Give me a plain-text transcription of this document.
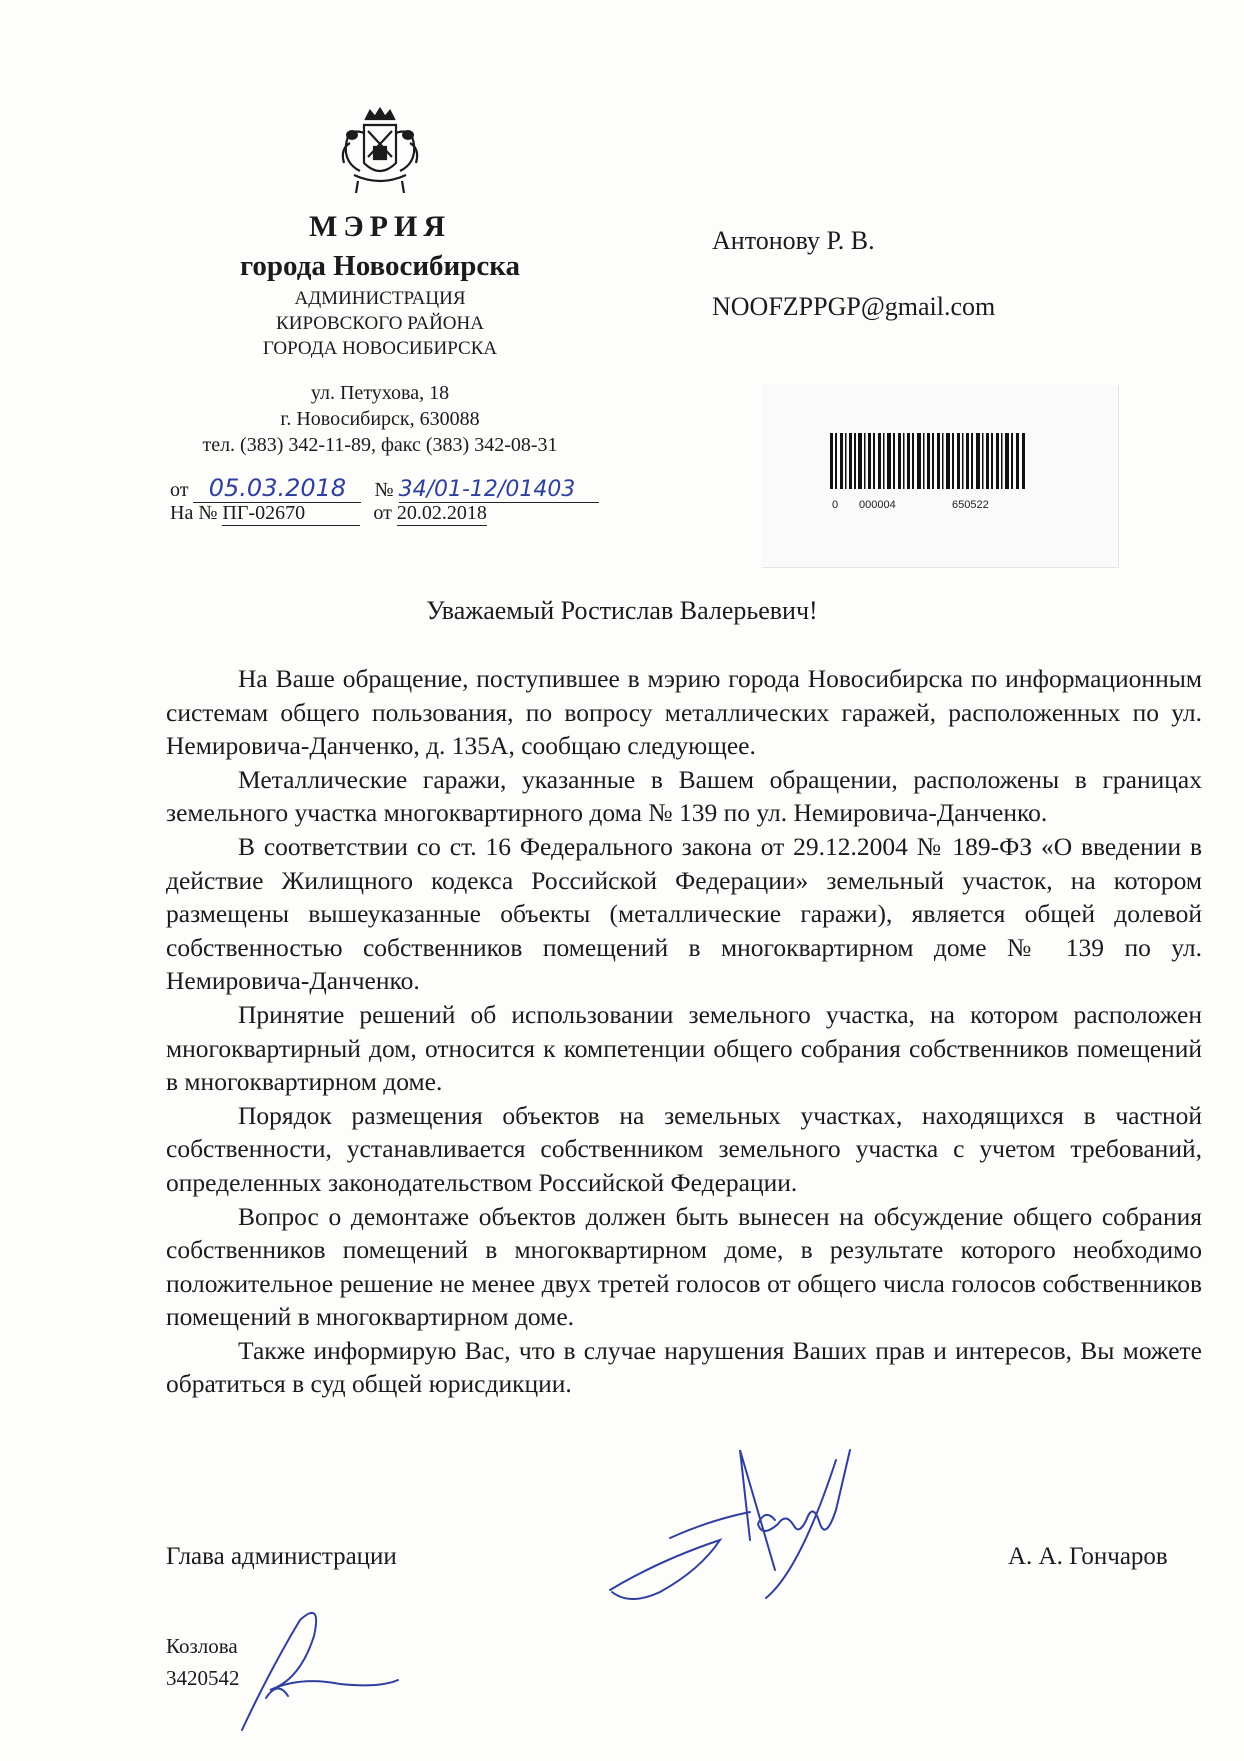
МЭРИЯ
города Новосибирска
АДМИНИСТРАЦИЯ
КИРОВСКОГО РАЙОНА
ГОРОДА НОВОСИБИРСКА
ул. Петухова, 18
г. Новосибирск, 630088
тел. (383) 342-11-89, факс (383) 342-08-31
от 05.03.2018 № 34/01-12/01403
На № ПГ-02670	от 20.02.2018
Антонову Р. В.
NOOFZPPGP@gmail.com
0 000004	650522
Уважаемый Ростислав Валерьевич!

На Ваше обращение, поступившее в мэрию города Новосибирска по информационным системам общего пользования, по вопросу металлических гаражей, расположенных по ул. Немировича-Данченко, д. 135А, сообщаю следующее.

Металлические гаражи, указанные в Вашем обращении, расположены в границах земельного участка многоквартирного дома № 139 по ул. Немировича-Данченко.

В соответствии со ст. 16 Федерального закона от 29.12.2004 № 189-ФЗ «О введении в действие Жилищного кодекса Российской Федерации» земельный участок, на котором размещены вышеуказанные объекты (металлические гаражи), является общей долевой собственностью собственников помещений в многоквартирном доме № 139 по ул. Немировича-Данченко.

Принятие решений об использовании земельного участка, на котором расположен многоквартирный дом, относится к компетенции общего собрания собственников помещений в многоквартирном доме.

Порядок размещения объектов на земельных участках, находящихся в частной собственности, устанавливается собственником земельного участка с учетом требований, определенных законодательством Российской Федерации.

Вопрос о демонтаже объектов должен быть вынесен на обсуждение общего собрания собственников помещений в многоквартирном доме, в результате которого необходимо положительное решение не менее двух третей голосов от общего числа голосов собственников помещений в многоквартирном доме.

Также информирую Вас, что в случае нарушения Ваших прав и интересов, Вы можете обратиться в суд общей юрисдикции.

Глава администрации	А. А. Гончаров
Козлова
3420542
